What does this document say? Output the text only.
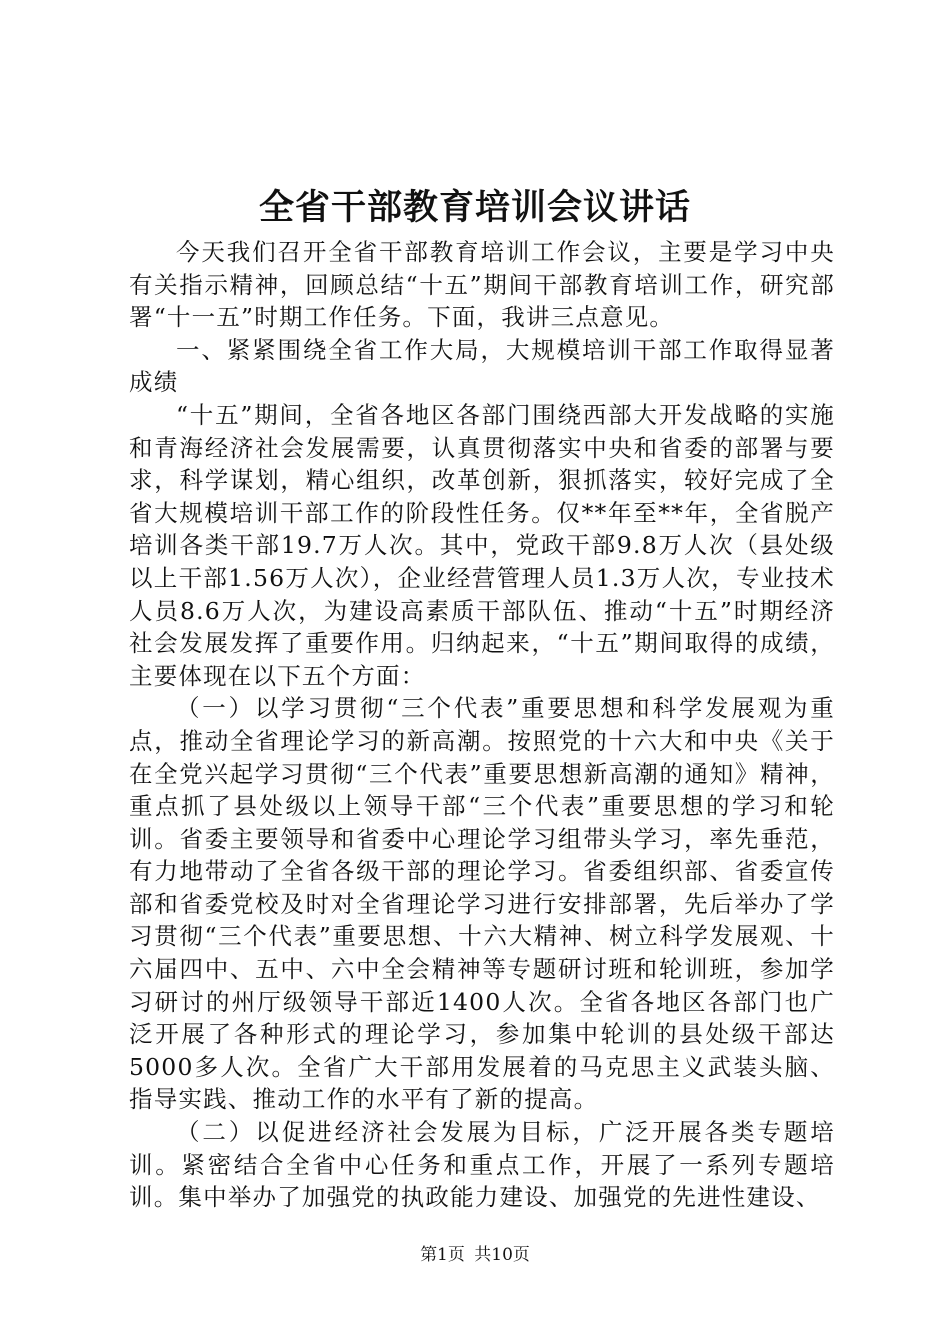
全省干部教育培训会议讲话

今天我们召开全省干部教育培训工作会议，主要是学习中央有关指示精神，回顾总结“十五”期间干部教育培训工作，研究部署“十一五”时期工作任务。下面，我讲三点意见。

一、紧紧围绕全省工作大局，大规模培训干部工作取得显著成绩

“十五”期间，全省各地区各部门围绕西部大开发战略的实施和青海经济社会发展需要，认真贯彻落实中央和省委的部署与要求，科学谋划，精心组织，改革创新，狠抓落实，较好完成了全省大规模培训干部工作的阶段性任务。仅**年至**年，全省脱产培训各类干部19.7万人次。其中，党政干部9.8万人次（县处级以上干部1.56万人次），企业经营管理人员1.3万人次，专业技术人员8.6万人次，为建设高素质干部队伍、推动“十五”时期经济社会发展发挥了重要作用。归纳起来，“十五”期间取得的成绩，主要体现在以下五个方面：

（一）以学习贯彻“三个代表”重要思想和科学发展观为重点，推动全省理论学习的新高潮。按照党的十六大和中央《关于在全党兴起学习贯彻“三个代表”重要思想新高潮的通知》精神，重点抓了县处级以上领导干部“三个代表”重要思想的学习和轮训。省委主要领导和省委中心理论学习组带头学习，率先垂范，有力地带动了全省各级干部的理论学习。省委组织部、省委宣传部和省委党校及时对全省理论学习进行安排部署，先后举办了学习贯彻“三个代表”重要思想、十六大精神、树立科学发展观、十六届四中、五中、六中全会精神等专题研讨班和轮训班，参加学习研讨的州厅级领导干部近1400人次。全省各地区各部门也广泛开展了各种形式的理论学习，参加集中轮训的县处级干部达5000多人次。全省广大干部用发展着的马克思主义武装头脑、指导实践、推动工作的水平有了新的提高。

（二）以促进经济社会发展为目标，广泛开展各类专题培训。紧密结合全省中心任务和重点工作，开展了一系列专题培训。集中举办了加强党的执政能力建设、加强党的先进性建设、

第1页 共10页
